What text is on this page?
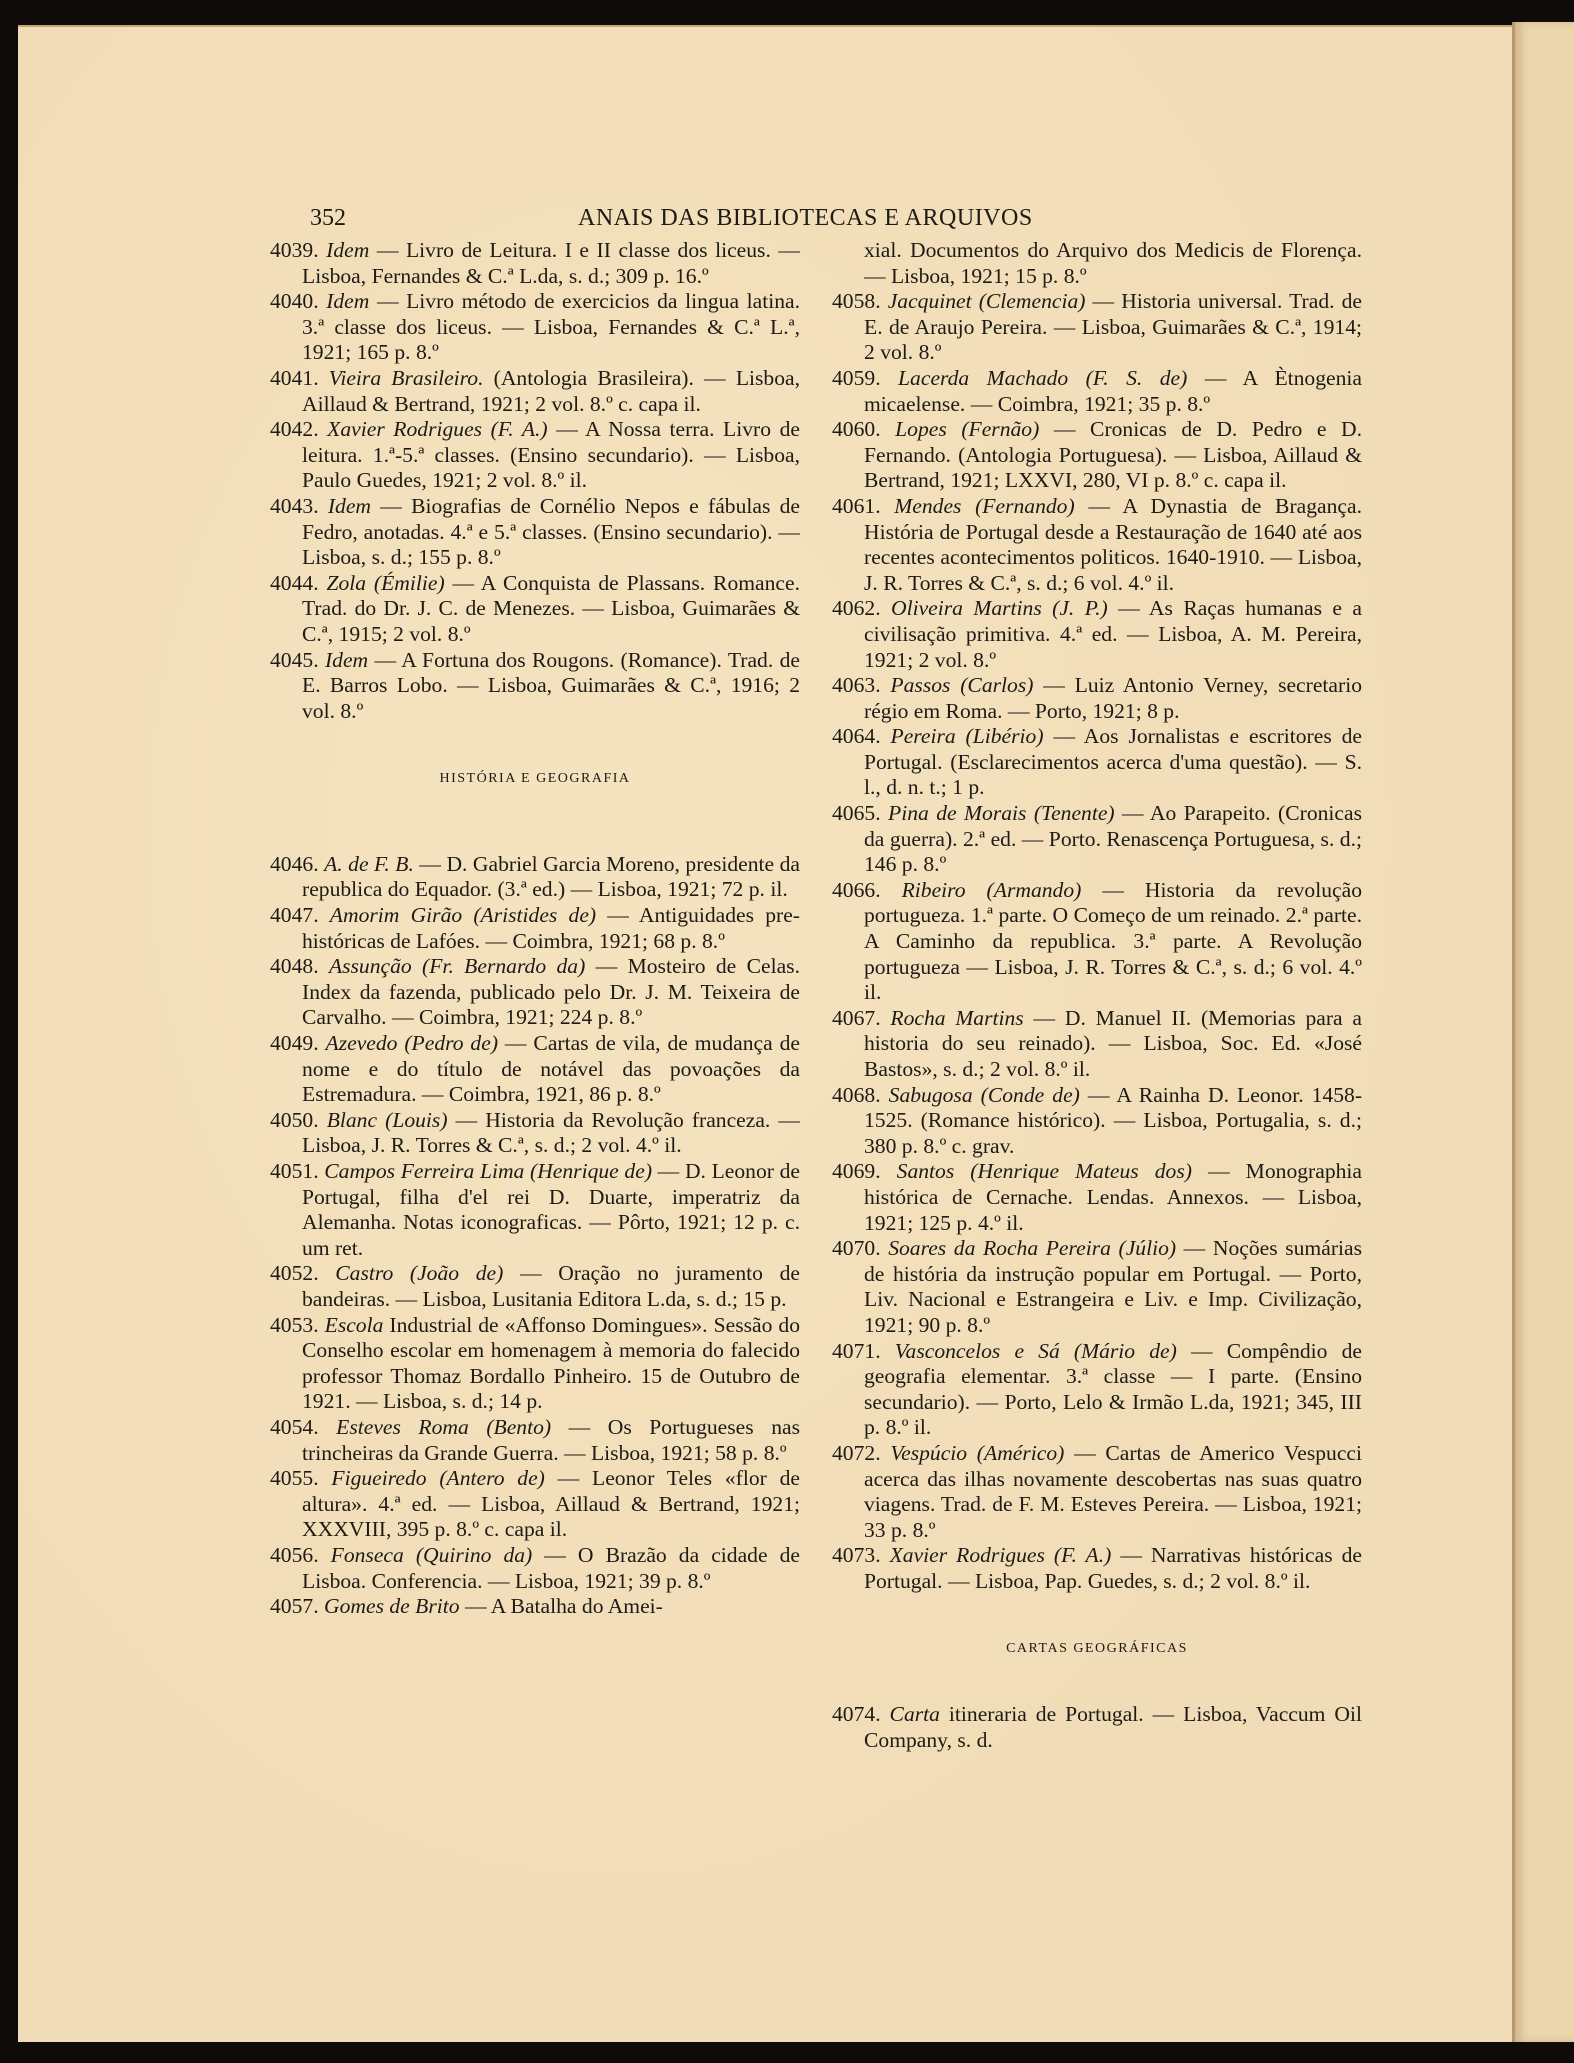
352	ANAIS DAS BIBLIOTECAS E ARQUIVOS
4039. Idem — Livro de Leitura. I e II classe dos liceus. — Lisboa, Fernandes & C.ª L.da, s. d.; 309 p. 16.º
4040. Idem — Livro método de exercicios da lingua latina. 3.ª classe dos liceus. — Lisboa, Fernandes & C.ª L.ª, 1921; 165 p. 8.º
4041. Vieira Brasileiro. (Antologia Brasileira). — Lisboa, Aillaud & Bertrand, 1921; 2 vol. 8.º c. capa il.
4042. Xavier Rodrigues (F. A.) — A Nossa terra. Livro de leitura. 1.ª-5.ª classes. (Ensino secundario). — Lisboa, Paulo Guedes, 1921; 2 vol. 8.º il.
4043. Idem — Biografias de Cornélio Nepos e fábulas de Fedro, anotadas. 4.ª e 5.ª classes. (Ensino secundario). — Lisboa, s. d.; 155 p. 8.º
4044. Zola (Émilie) — A Conquista de Plassans. Romance. Trad. do Dr. J. C. de Menezes. — Lisboa, Guimarães & C.ª, 1915; 2 vol. 8.º
4045. Idem — A Fortuna dos Rougons. (Romance). Trad. de E. Barros Lobo. — Lisboa, Guimarães & C.ª, 1916; 2 vol. 8.º
HISTÓRIA E GEOGRAFIA
4046. A. de F. B. — D. Gabriel Garcia Moreno, presidente da republica do Equador. (3.ª ed.) — Lisboa, 1921; 72 p. il.
4047. Amorim Girão (Aristides de) — Antiguidades pre-históricas de Lafóes. — Coimbra, 1921; 68 p. 8.º
4048. Assunção (Fr. Bernardo da) — Mosteiro de Celas. Index da fazenda, publicado pelo Dr. J. M. Teixeira de Carvalho. — Coimbra, 1921; 224 p. 8.º
4049. Azevedo (Pedro de) — Cartas de vila, de mudança de nome e do título de notável das povoações da Estremadura. — Coimbra, 1921, 86 p. 8.º
4050. Blanc (Louis) — Historia da Revolução franceza. — Lisboa, J. R. Torres & C.ª, s. d.; 2 vol. 4.º il.
4051. Campos Ferreira Lima (Henrique de) — D. Leonor de Portugal, filha d'el rei D. Duarte, imperatriz da Alemanha. Notas iconograficas. — Pôrto, 1921; 12 p. c. um ret.
4052. Castro (João de) — Oração no juramento de bandeiras. — Lisboa, Lusitania Editora L.da, s. d.; 15 p.
4053. Escola Industrial de «Affonso Domingues». Sessão do Conselho escolar em homenagem à memoria do falecido professor Thomaz Bordallo Pinheiro. 15 de Outubro de 1921. — Lisboa, s. d.; 14 p.
4054. Esteves Roma (Bento) — Os Portugueses nas trincheiras da Grande Guerra. — Lisboa, 1921; 58 p. 8.º
4055. Figueiredo (Antero de) — Leonor Teles «flor de altura». 4.ª ed. — Lisboa, Aillaud & Bertrand, 1921; XXXVIII, 395 p. 8.º c. capa il.
4056. Fonseca (Quirino da) — O Brazão da cidade de Lisboa. Conferencia. — Lisboa, 1921; 39 p. 8.º
4057. Gomes de Brito — A Batalha do Amei-
xial. Documentos do Arquivo dos Medicis de Florença. — Lisboa, 1921; 15 p. 8.º
4058. Jacquinet (Clemencia) — Historia universal. Trad. de E. de Araujo Pereira. — Lisboa, Guimarães & C.ª, 1914; 2 vol. 8.º
4059. Lacerda Machado (F. S. de) — A Ètnogenia micaelense. — Coimbra, 1921; 35 p. 8.º
4060. Lopes (Fernão) — Cronicas de D. Pedro e D. Fernando. (Antologia Portuguesa). — Lisboa, Aillaud & Bertrand, 1921; LXXVI, 280, VI p. 8.º c. capa il.
4061. Mendes (Fernando) — A Dynastia de Bragança. História de Portugal desde a Restauração de 1640 até aos recentes acontecimentos politicos. 1640-1910. — Lisboa, J. R. Torres & C.ª, s. d.; 6 vol. 4.º il.
4062. Oliveira Martins (J. P.) — As Raças humanas e a civilisação primitiva. 4.ª ed. — Lisboa, A. M. Pereira, 1921; 2 vol. 8.º
4063. Passos (Carlos) — Luiz Antonio Verney, secretario régio em Roma. — Porto, 1921; 8 p.
4064. Pereira (Libério) — Aos Jornalistas e escritores de Portugal. (Esclarecimentos acerca d'uma questão). — S. l., d. n. t.; 1 p.
4065. Pina de Morais (Tenente) — Ao Parapeito. (Cronicas da guerra). 2.ª ed. — Porto. Renascença Portuguesa, s. d.; 146 p. 8.º
4066. Ribeiro (Armando) — Historia da revolução portugueza. 1.ª parte. O Começo de um reinado. 2.ª parte. A Caminho da republica. 3.ª parte. A Revolução portugueza — Lisboa, J. R. Torres & C.ª, s. d.; 6 vol. 4.º il.
4067. Rocha Martins — D. Manuel II. (Memorias para a historia do seu reinado). — Lisboa, Soc. Ed. «José Bastos», s. d.; 2 vol. 8.º il.
4068. Sabugosa (Conde de) — A Rainha D. Leonor. 1458-1525. (Romance histórico). — Lisboa, Portugalia, s. d.; 380 p. 8.º c. grav.
4069. Santos (Henrique Mateus dos) — Monographia histórica de Cernache. Lendas. Annexos. — Lisboa, 1921; 125 p. 4.º il.
4070. Soares da Rocha Pereira (Júlio) — Noções sumárias de história da instrução popular em Portugal. — Porto, Liv. Nacional e Estrangeira e Liv. e Imp. Civilização, 1921; 90 p. 8.º
4071. Vasconcelos e Sá (Mário de) — Compêndio de geografia elementar. 3.ª classe — I parte. (Ensino secundario). — Porto, Lelo & Irmão L.da, 1921; 345, III p. 8.º il.
4072. Vespúcio (Américo) — Cartas de Americo Vespucci acerca das ilhas novamente descobertas nas suas quatro viagens. Trad. de F. M. Esteves Pereira. — Lisboa, 1921; 33 p. 8.º
4073. Xavier Rodrigues (F. A.) — Narrativas históricas de Portugal. — Lisboa, Pap. Guedes, s. d.; 2 vol. 8.º il.
CARTAS GEOGRÁFICAS
4074. Carta itineraria de Portugal. — Lisboa, Vaccum Oil Company, s. d.
